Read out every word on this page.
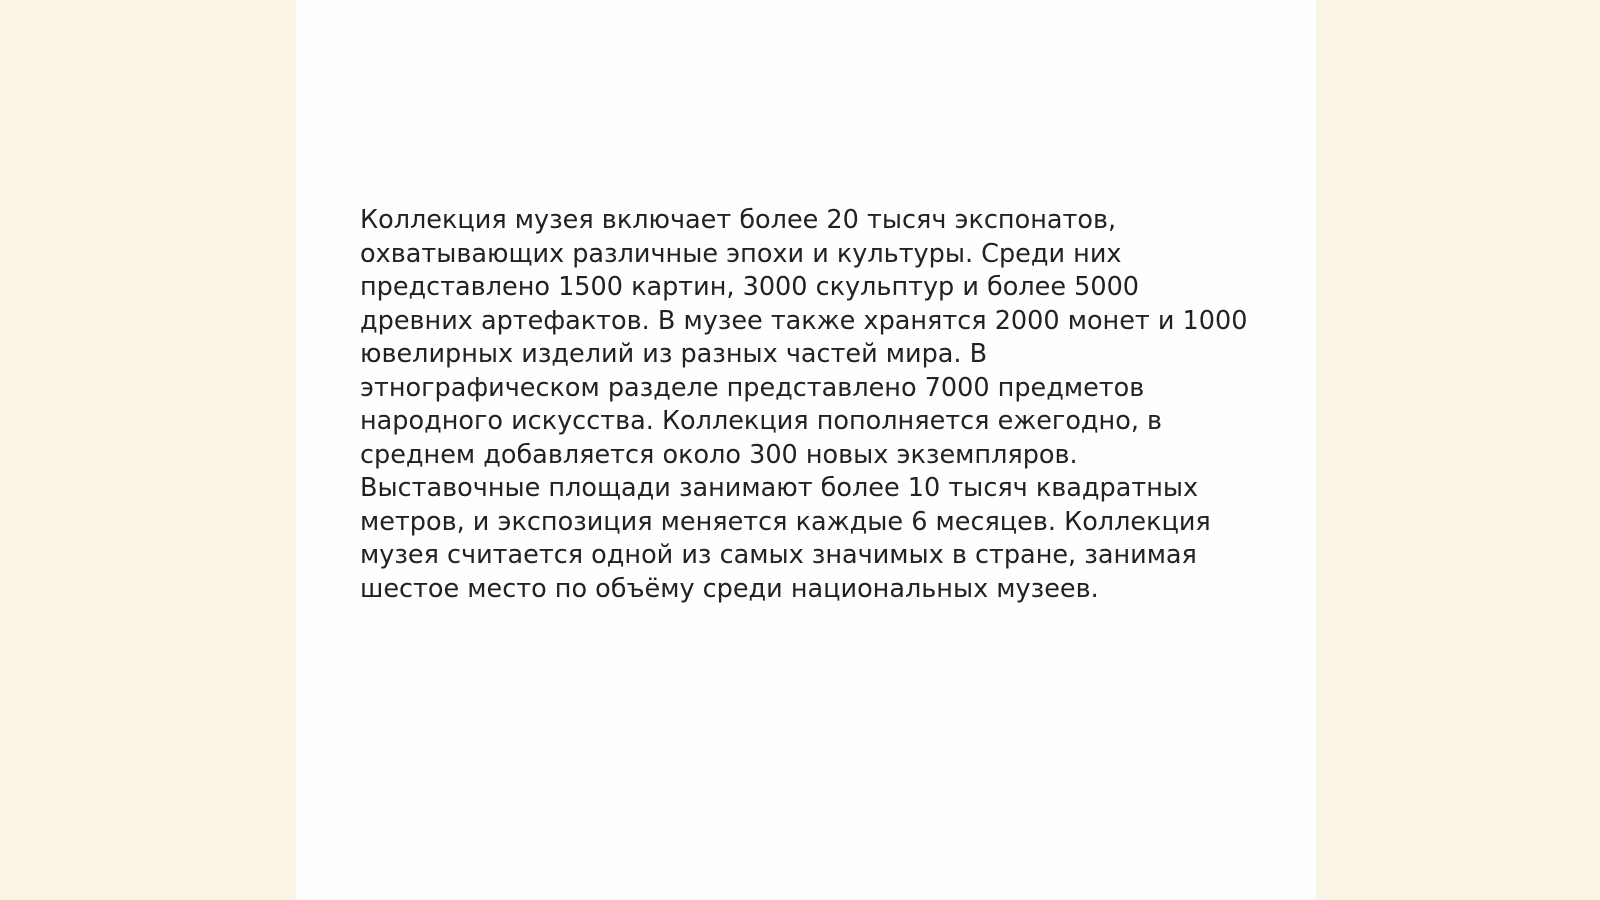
Коллекция музея включает более 20 тысяч экспонатов,
охватывающих различные эпохи и культуры. Среди них
представлено 1500 картин, 3000 скульптур и более 5000
древних артефактов. В музее также хранятся 2000 монет и 1000
ювелирных изделий из разных частей мира. В
этнографическом разделе представлено 7000 предметов
народного искусства. Коллекция пополняется ежегодно, в
среднем добавляется около 300 новых экземпляров.
Выставочные площади занимают более 10 тысяч квадратных
метров, и экспозиция меняется каждые 6 месяцев. Коллекция
музея считается одной из самых значимых в стране, занимая
шестое место по объёму среди национальных музеев.
